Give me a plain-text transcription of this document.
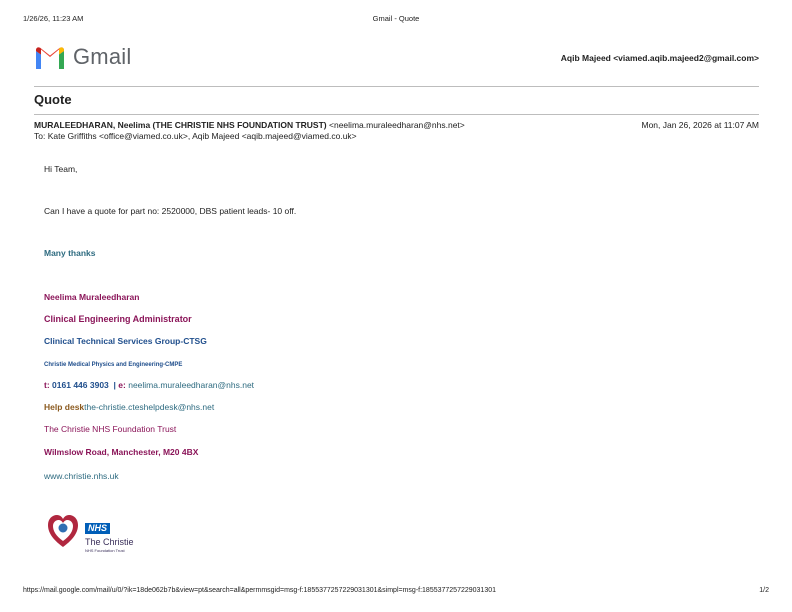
1/26/26, 11:23 AM	Gmail - Quote
Gmail	Aqib Majeed <viamed.aqib.majeed2@gmail.com>
Quote
MURALEEDHARAN, Neelima (THE CHRISTIE NHS FOUNDATION TRUST) <neelima.muraleedharan@nhs.net>	Mon, Jan 26, 2026 at 11:07 AM
To: Kate Griffiths <office@viamed.co.uk>, Aqib Majeed <aqib.majeed@viamed.co.uk>
Hi Team,
Can I have a quote for part no: 2520000, DBS patient leads- 10 off.
Many thanks
Neelima Muraleedharan
Clinical Engineering Administrator
Clinical Technical Services Group-CTSG
Christie Medical Physics and Engineering-CMPE
t: 0161 446 3903 | e: neelima.muraleedharan@nhs.net
Help deskthe-christie.cteshelpdesk@nhs.net
The Christie NHS Foundation Trust
Wilmslow Road, Manchester, M20 4BX
www.christie.nhs.uk
NHS
The Christie
NHS Foundation Trust
https://mail.google.com/mail/u/0/?ik=18de062b7b&view=pt&search=all&permmsgid=msg-f:1855377257229031301&simpl=msg-f:1855377257229031301	1/2
